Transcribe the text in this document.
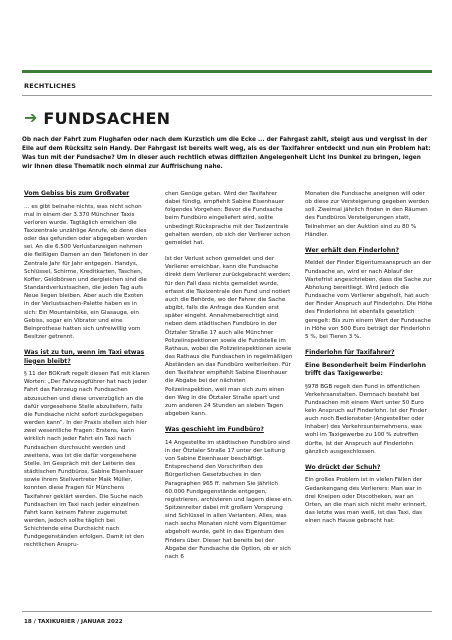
RECHTLICHES
➔ FUNDSACHEN

Ob nach der Fahrt zum Flughafen oder nach dem Kurzstich um die Ecke ... der Fahrgast zahlt, steigt aus und vergisst in der Eile auf dem Rücksitz sein Handy. Der Fahrgast ist bereits weit weg, als es der Taxifahrer entdeckt und nun ein Problem hat: Was tun mit der Fundsache? Um in dieser auch rechtlich etwas diffizilen Angelegenheit Licht ins Dunkel zu bringen, legen wir Ihnen diese Thematik noch einmal zur Auffrischung nahe.

Vom Gebiss bis zum Großvater

… es gibt beinahe nichts, was nicht schon mal in einem der 3.370 Münchner Taxis verloren wurde. Tagtäglich erreichen die Taxizentrale unzählige Anrufe, ob denn dies oder das gefunden oder abgegeben worden sei. An die 6.500 Verlustanzeigen nehmen die fleißigen Damen an den Telefonen in der Zentrale Jahr für Jahr entgegen. Handys, Schlüssel, Schirme, Kreditkarten, Taschen, Koffer, Geldbörsen und dergleichen sind die Standardverlustsachen, die jeden Tag aufs Neue liegen bleiben. Aber auch die Exoten in der Verlustsachen-Palette haben es in sich: Ein Mountainbike, ein Glasauge, ein Gebiss, sogar ein Vibrator und eine Beinprothese hatten sich unfreiwillig vom Besitzer getrennt.

Was ist zu tun, wenn im Taxi etwas liegen bleibt?

§ 11 der BOKraft regelt diesen Fall mit klaren Worten: „Der Fahrzeugführer hat nach jeder Fahrt das Fahrzeug nach Fundsachen abzusuchen und diese unverzüglich an die dafür vorgesehene Stelle abzuliefern, falls die Fundsache nicht sofort zurückgegeben werden kann“. In der Praxis stellen sich hier zwei wesentliche Fragen: Erstens, kann wirklich nach jeder Fahrt ein Taxi nach Fundsachen durchsucht werden und zweitens, was ist die dafür vorgesehene Stelle. Im Gespräch mit der Leiterin des städtischen Fundbüros, Sabine Eisenhauer sowie ihrem Stellvertreter Maik Müller, konnten diese Fragen für Münchens Taxifahrer geklärt werden. Die Suche nach Fundsachen im Taxi nach jeder einzelnen Fahrt kann keinem Fahrer zugemutet werden, jedoch sollte täglich bei Schichtende eine Durchsicht nach Fundgegenständen erfolgen. Damit ist den rechtlichen Anspru-

chen Genüge getan. Wird der Taxifahrer dabei fündig, empfiehlt Sabine Eisenhauer folgendes Vorgehen: Bevor die Fundsache beim Fundbüro eingeliefert wird, sollte unbedingt Rücksprache mit der Taxizentrale gehalten werden, ob sich der Verlierer schon gemeldet hat.

Ist der Verlust schon gemeldet und der Verlierer erreichbar, kann die Fundsache direkt dem Verlierer zurückgebracht werden; für den Fall dass nichts gemeldet wurde, erfasst die Taxizentrale den Fund und notiert auch die Behörde, wo der Fahrer die Sache abgibt, falls die Anfrage des Kunden erst später eingeht. Annahmeberechtigt sind neben dem städtischen Fundbüro in der Ötztaler Straße 17 auch alle Münchner Polizeiinspektionen sowie die Fundstelle im Rathaus, wobei die Polizeiinspektionen sowie das Rathaus die Fundsachen in regelmäßigen Abständen an das Fundbüro weiterleiten. Für den Taxifahrer empfiehlt Sabine Eisenhauer die Abgabe bei der nächsten Polizeiinspektion, weil man sich zum einen den Weg in die Ötztaler Straße spart und zum anderen 24 Stunden an sieben Tagen abgeben kann.

Was geschieht im Fundbüro?

14 Angestellte im städtischen Fundbüro sind in der Ötztaler Straße 17 unter der Leitung von Sabine Eisenhauer beschäftigt. Entsprechend den Vorschriften des Bürgerlichen Gesetzbuches in den Paragraphen 965 ff. nehmen Sie jährlich 60.000 Fundgegenstände entgegen, registrieren, archivieren und lagern diese ein. Spitzenreiter dabei mit großem Vorsprung sind Schlüssel in allen Varianten. Alles, was nach sechs Monaten nicht vom Eigentümer abgeholt wurde, geht in das Eigentum des Finders über. Dieser hat bereits bei der Abgabe der Fundsache die Option, ob er sich nach 6

Monaten die Fundsache aneignen will oder ob diese zur Versteigerung gegeben werden soll. Zweimal jährlich finden in den Räumen des Fundbüros Versteigerungen statt, Teilnehmer an der Auktion sind zu 80 % Händler.

Wer erhält den Finderlohn?

Meldet der Finder Eigentumsanspruch an der Fundsache an, wird er nach Ablauf der Wartefrist angeschrieben, dass die Sache zur Abholung bereitliegt. Wird jedoch die Fundsache vom Verlierer abgeholt, hat auch der Finder Anspruch auf Finderlohn. Die Höhe des Finderlohns ist ebenfalls gesetzlich geregelt: Bis zum einem Wert der Fundsache in Höhe von 500 Euro beträgt der Finderlohn 5 %, bei Tieren 3 %.

Finderlohn für Taxifahrer?
Eine Besonderheit beim Finderlohn trifft das Taxigewerbe:

§978 BGB regelt den Fund in öffentlichen Verkehrsanstalten. Demnach besteht bei Fundsachen mit einem Wert unter 50 Euro kein Anspruch auf Finderlohn. Ist der Finder auch noch Bediensteter (Angestellter oder Inhaber) des Verkehrsunternehmens, was wohl im Taxigewerbe zu 100 % zutreffen dürfte, ist der Anspruch auf Finderlohn gänzlich ausgeschlossen.

Wo drückt der Schuh?

Ein großes Problem ist in vielen Fällen der Gedankengang des Verlierers: Man war in drei Kneipen oder Discotheken, war an Orten, an die man sich nicht mehr erinnert, das letzte was man weiß, ist das Taxi, das einen nach Hause gebracht hat:

18 / TAXIKURIER / JANUAR 2022
